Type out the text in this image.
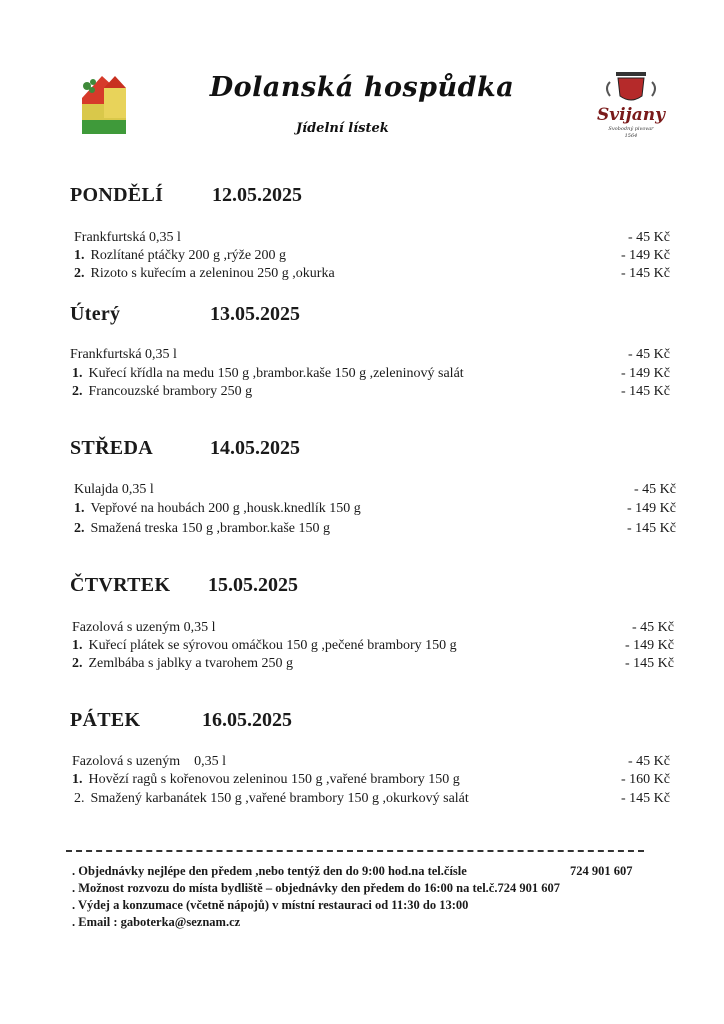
Dolanská hospůdka
Jídelní lístek
Svijany
Svobodný pivovar
1564
PONDĚLÍ 12.05.2025
Frankfurtská 0,35 l	- 45 Kč
1. Rozlítané ptáčky 200 g ,rýže 200 g	- 149 Kč
2. Rizoto s kuřecím a zeleninou 250 g ,okurka	- 145 Kč
Úterý	13.05.2025
Frankfurtská 0,35 l	- 45 Kč
1. Kuřecí křídla na medu 150 g ,brambor.kaše 150 g ,zeleninový salát	- 149 Kč
2. Francouzské brambory 250 g	- 145 Kč
STŘEDA	14.05.2025
Kulajda 0,35 l	- 45 Kč
1. Vepřové na houbách 200 g ,housk.knedlík 150 g	- 149 Kč
2. Smažená treska 150 g ,brambor.kaše 150 g	- 145 Kč
ČTVRTEK 15.05.2025
Fazolová s uzeným 0,35 l	- 45 Kč
1. Kuřecí plátek se sýrovou omáčkou 150 g ,pečené brambory 150 g	- 149 Kč
2. Zemlbába s jablky a tvarohem 250 g	- 145 Kč
PÁTEK	16.05.2025
Fazolová s uzeným    0,35 l	- 45 Kč
1. Hovězí ragů s kořenovou zeleninou 150 g ,vařené brambory 150 g	- 160 Kč
2. Smažený karbanátek 150 g ,vařené brambory 150 g ,okurkový salát	- 145 Kč
. Objednávky nejlépe den předem ,nebo tentýž den do 9:00 hod.na tel.čísle	724 901 607
. Možnost rozvozu do místa bydliště – objednávky den předem do 16:00 na tel.č.724 901 607
. Výdej a konzumace (včetně nápojů) v místní restauraci od 11:30 do 13:00
. Email : gaboterka@seznam.cz
